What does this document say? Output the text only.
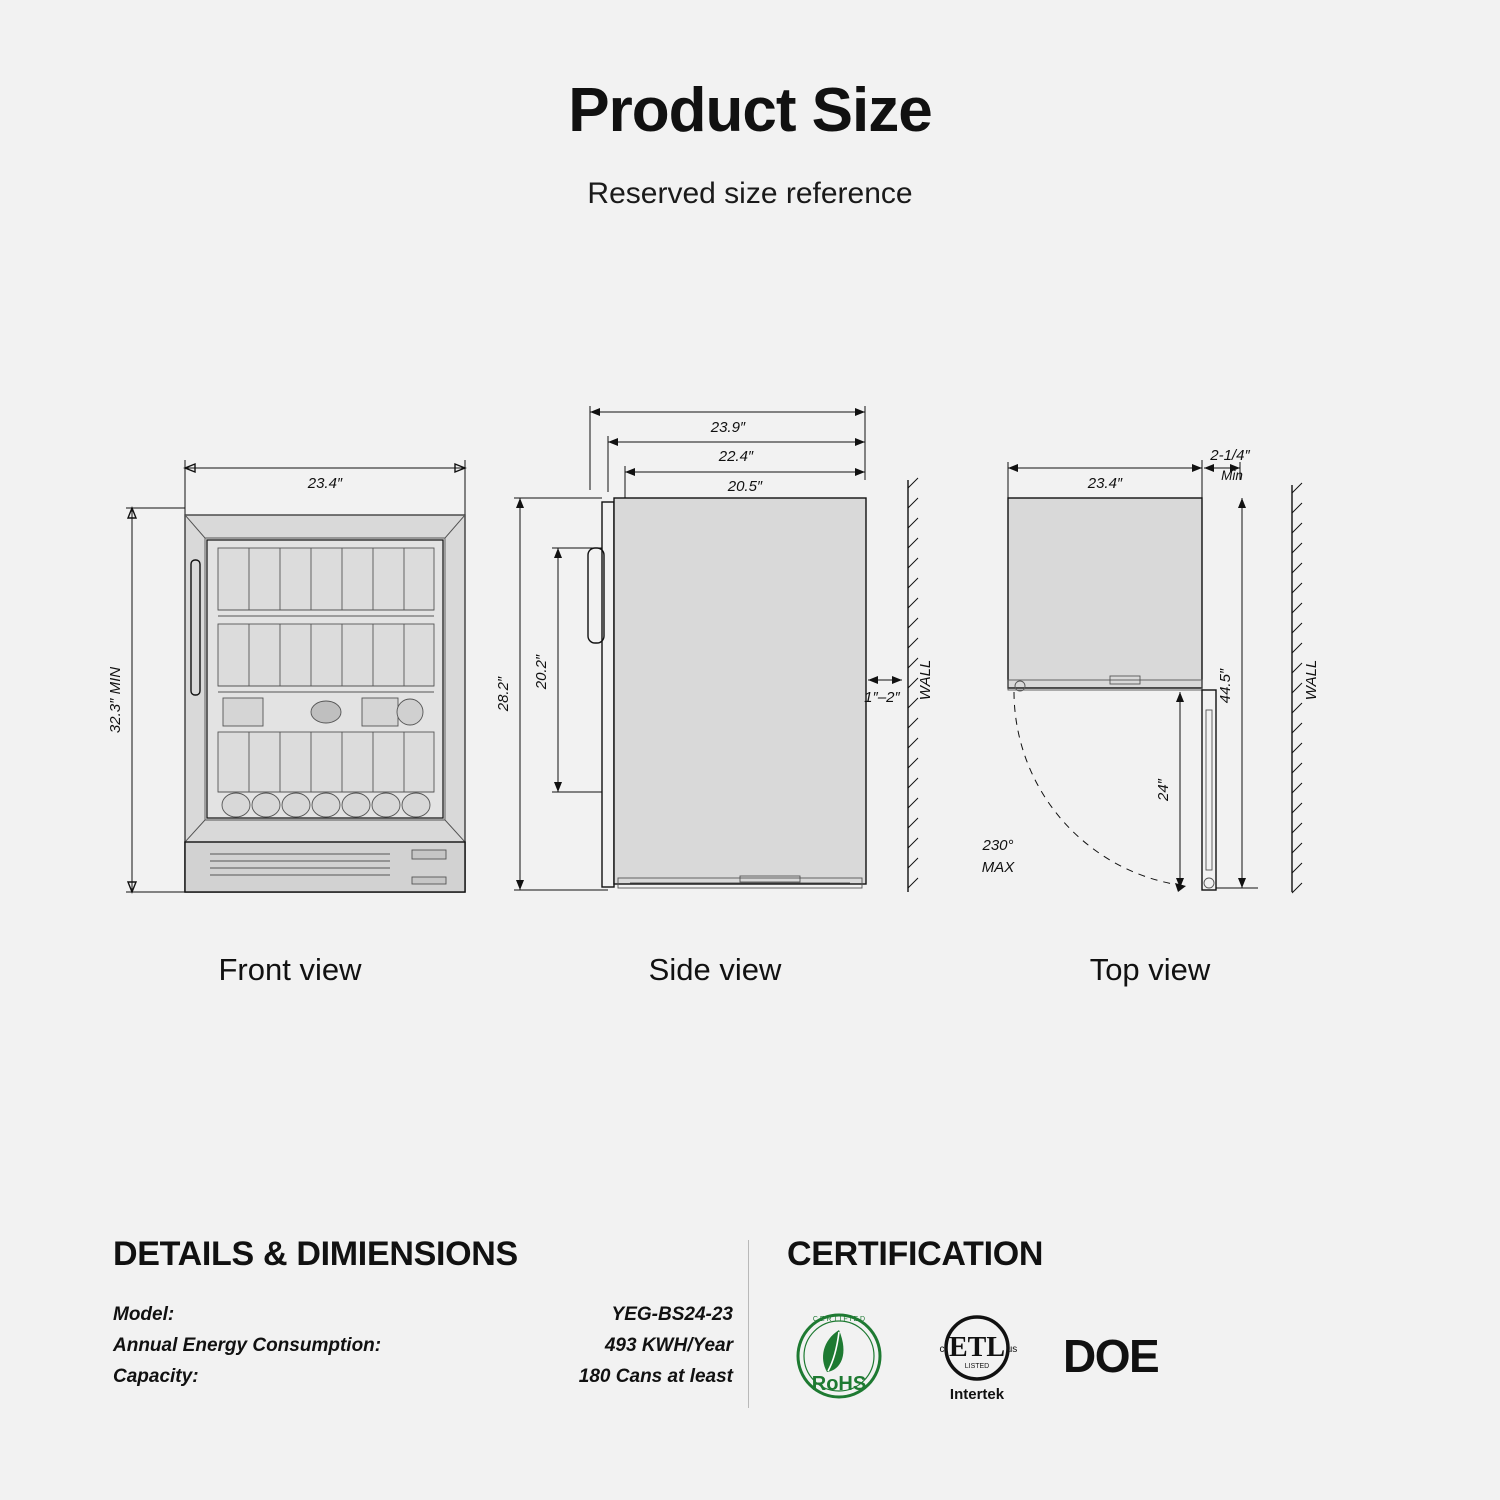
Product Size

Reserved size reference

23.4″
32.3″ MIN
Front view
23.9″
22.4″
20.5″
28.2″
20.2″
1″–2″ WALL
Side view
23.4″
2-1/4″
Min
24″
44.5″
230°
MAX
WALL
Top view
DETAILS & DIMIENSIONS
Model:	YEG-BS24-23
Annual Energy Consumption:	493 KWH/Year
Capacity:	180 Cans at least
CERTIFICATION
RoHS
C E R T I F I E D
ETL
LISTED
c	us
Intertek
DOE
